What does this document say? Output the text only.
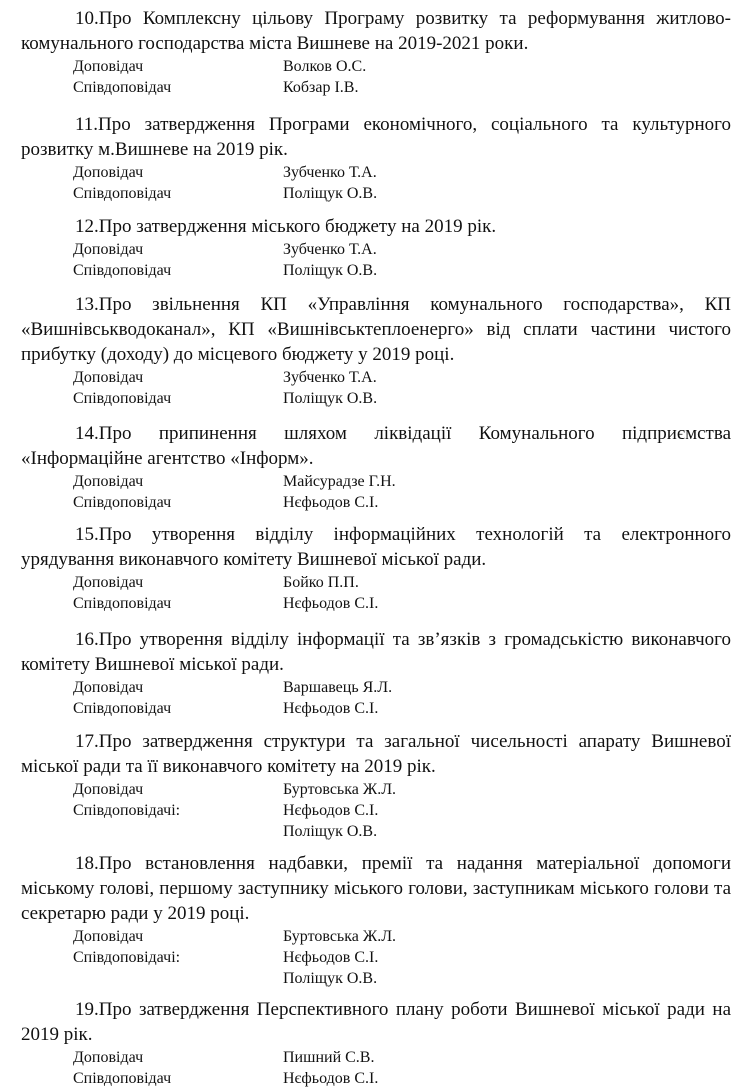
10.Про Комплексну цільову Програму розвитку та реформування житлово-комунального господарства міста Вишневе на 2019-2021 роки.

Доповідач	Волков О.С.
Співдоповідач	Кобзар І.В.

11.Про затвердження Програми економічного, соціального та культурного розвитку м.Вишневе на 2019 рік.

Доповідач	Зубченко Т.А.
Співдоповідач	Поліщук О.В.

12.Про затвердження міського бюджету на 2019 рік.

Доповідач	Зубченко Т.А.
Співдоповідач	Поліщук О.В.

13.Про звільнення КП «Управління комунального господарства», КП «Вишнівськводоканал», КП «Вишнівськтеплоенерго» від сплати частини чистого прибутку (доходу) до місцевого бюджету у 2019 році.

Доповідач	Зубченко Т.А.
Співдоповідач	Поліщук О.В.

14.Про припинення шляхом ліквідації Комунального підприємства «Інформаційне агентство «Інформ».

Доповідач	Майсурадзе Г.Н.
Співдоповідач	Нєфьодов С.І.

15.Про утворення відділу інформаційних технологій та електронного урядування виконавчого комітету Вишневої міської ради.

Доповідач	Бойко П.П.
Співдоповідач	Нєфьодов С.І.

16.Про утворення відділу інформації та зв’язків з громадськістю виконавчого комітету Вишневої міської ради.

Доповідач	Варшавець Я.Л.
Співдоповідач	Нєфьодов С.І.

17.Про затвердження структури та загальної чисельності апарату Вишневої міської ради та її виконавчого комітету на 2019 рік.

Доповідач	Буртовська Ж.Л.
Співдоповідачі:	Нєфьодов С.І.
Поліщук О.В.

18.Про встановлення надбавки, премії та надання матеріальної допомоги міському голові, першому заступнику міського голови, заступникам міського голови та секретарю ради у 2019 році.

Доповідач	Буртовська Ж.Л.
Співдоповідачі:	Нєфьодов С.І.
Поліщук О.В.

19.Про затвердження Перспективного плану роботи Вишневої міської ради на 2019 рік.

Доповідач	Пишний С.В.
Співдоповідач	Нєфьодов С.І.
